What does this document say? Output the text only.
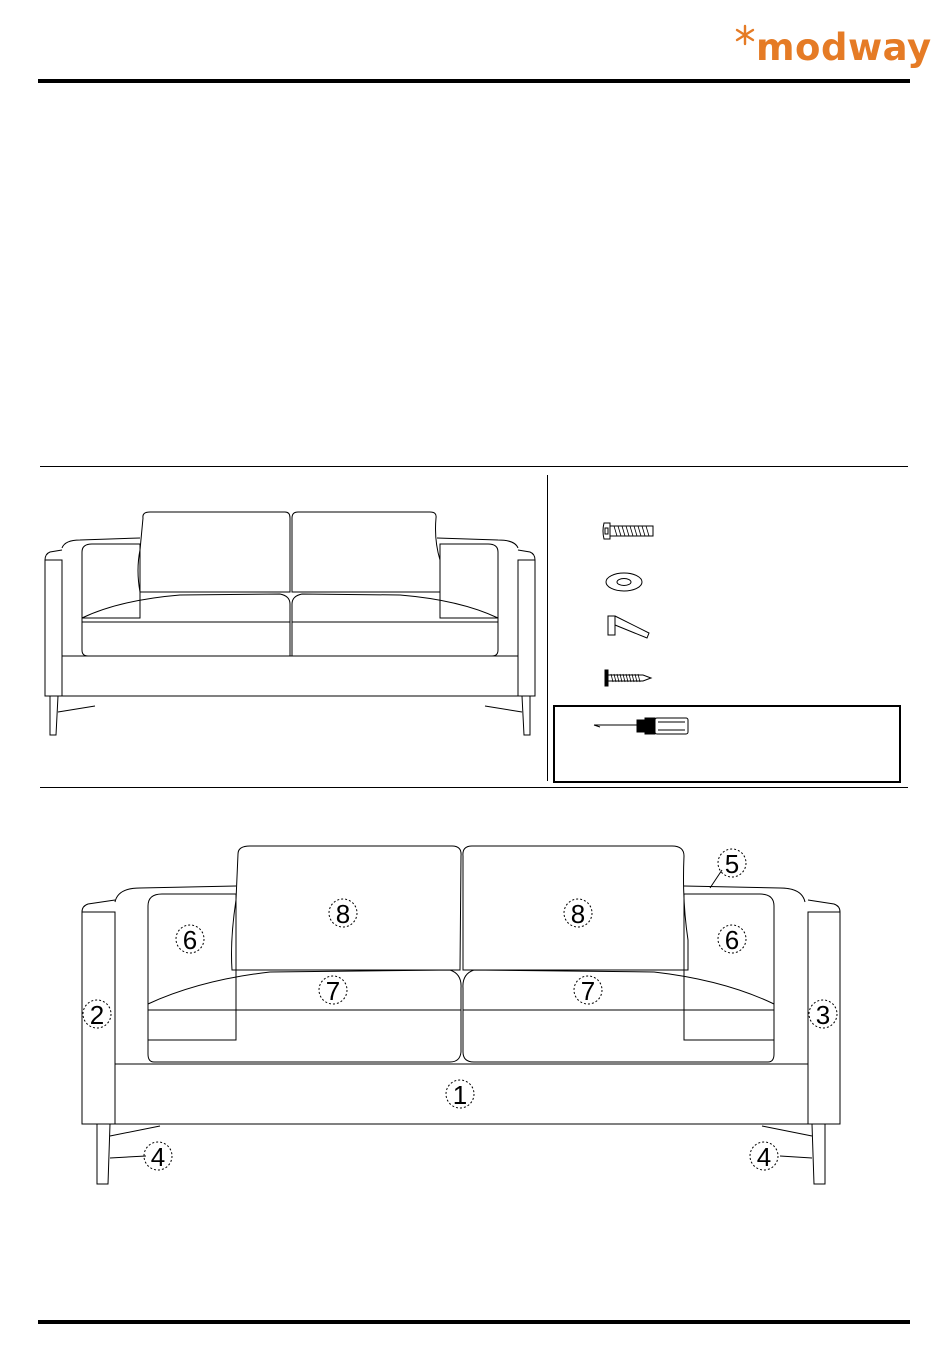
modway
1
2	3
4	4
5
6	6
7	7
8	8
